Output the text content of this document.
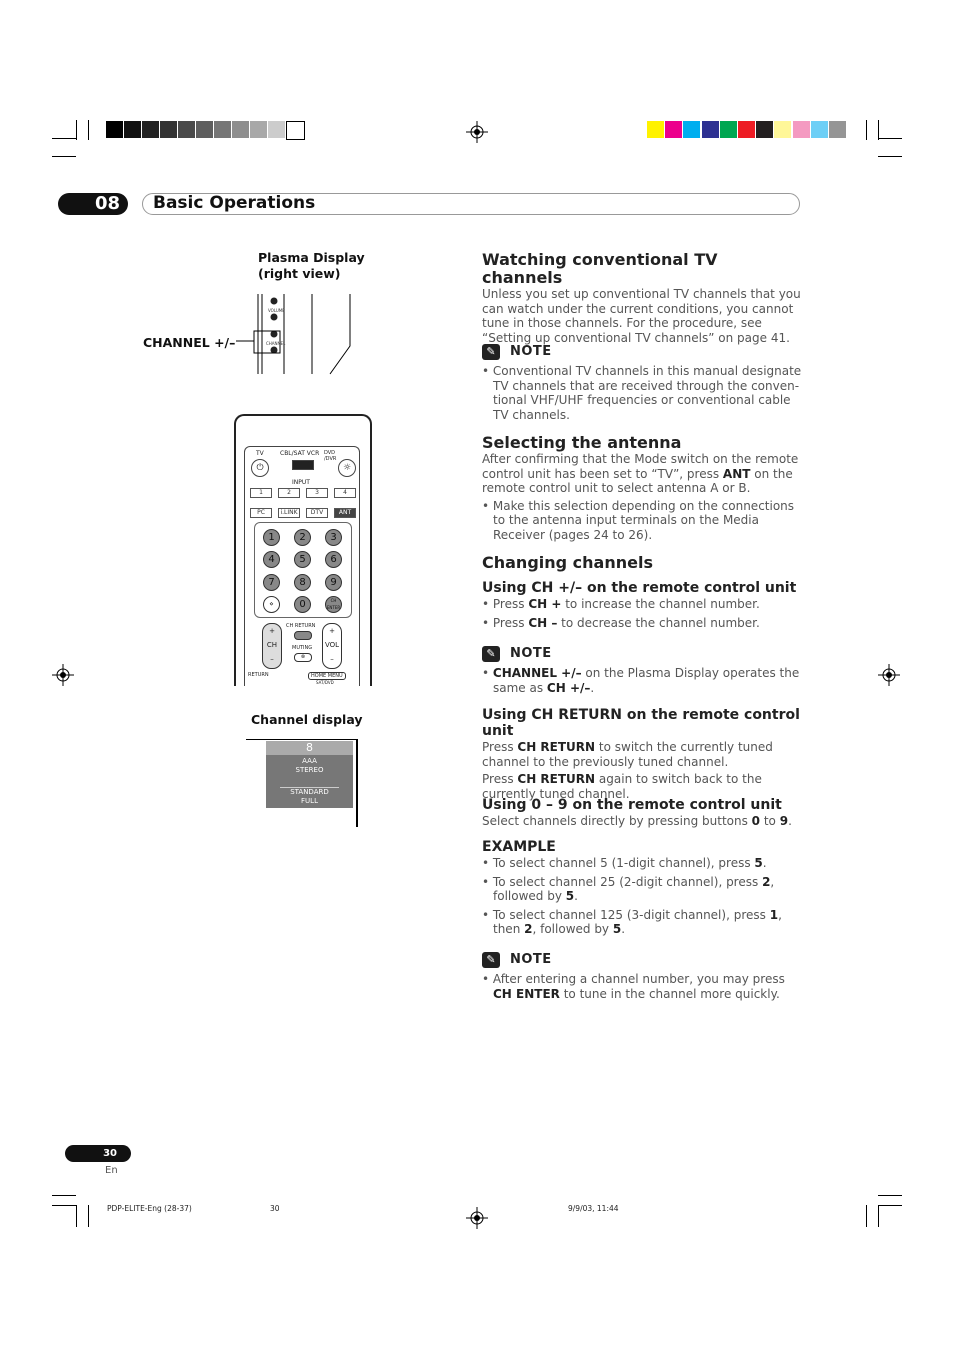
08 Basic Operations
Plasma Display
(right view)
CHANNEL +/–
VOLUME
CHANNEL
TV	CBL/SAT VCR DVD /DVR
⏻	☼
INPUT
1	2	3	4
PC	i.LINK	DTV	ANT
1	2	3
4	5	6
7	8	9
⋄	0	CH ENTER
+
CH
–
CH RETURN
MUTING
⊗
+
VOL
–
RETURN	HOME MENU
SAT/DVD
Channel display
8
AAA
STEREO
STANDARD
FULL
Watching conventional TV channels

Unless you set up conventional TV channels that you can watch under the current conditions, you cannot tune in those channels. For the procedure, see “Setting up conventional TV channels” on page 41.

✎	NOTE

• Conventional TV channels in this manual designate TV channels that are received through the conven-tional VHF/UHF frequencies or conventional cable TV channels.

Selecting the antenna

After confirming that the Mode switch on the remote control unit has been set to “TV”, press ANT on the remote control unit to select antenna A or B.

• Make this selection depending on the connections to the antenna input terminals on the Media Receiver (pages 24 to 26).

Changing channels
Using CH +/– on the remote control unit

• Press CH + to increase the channel number.

• Press CH – to decrease the channel number.

✎	NOTE

• CHANNEL +/– on the Plasma Display operates the same as CH +/–.

Using CH RETURN on the remote control unit

Press CH RETURN to switch the currently tuned channel to the previously tuned channel.

Press CH RETURN again to switch back to the currently tuned channel.

Using 0 – 9 on the remote control unit

Select channels directly by pressing buttons 0 to 9.

EXAMPLE

• To select channel 5 (1-digit channel), press 5.

• To select channel 25 (2-digit channel), press 2, followed by 5.

• To select channel 125 (3-digit channel), press 1, then 2, followed by 5.

✎	NOTE

• After entering a channel number, you may press CH ENTER to tune in the channel more quickly.

30
En
PDP-ELITE-Eng (28-37)	30	9/9/03, 11:44
